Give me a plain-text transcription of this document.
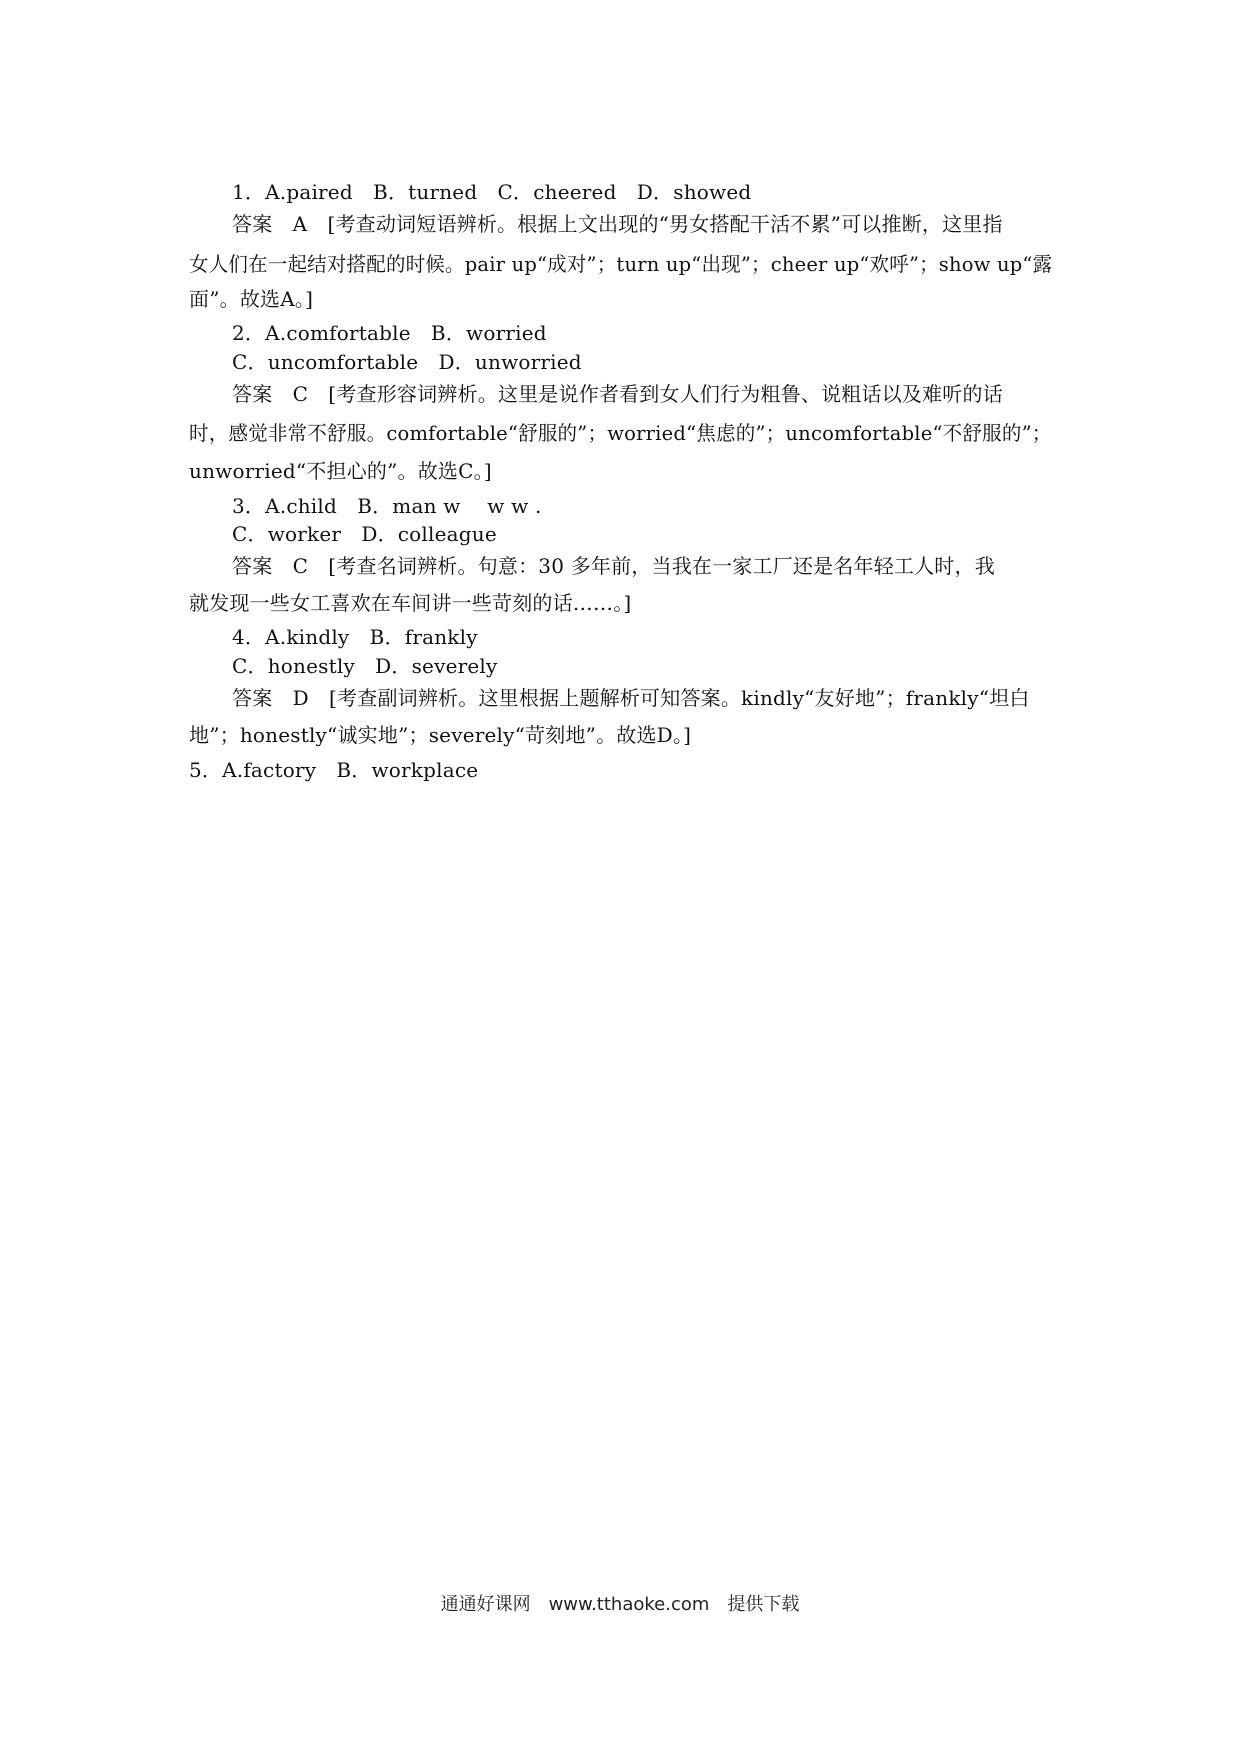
1．A.paired　B．turned　C．cheered　D．showed
答案　A　[考查动词短语辨析。根据上文出现的“男女搭配干活不累”可以推断，这里指
女人们在一起结对搭配的时候。pair up“成对”；turn up“出现”；cheer up“欢呼”；show up“露
面”。故选A。]
2．A.comfortable　B．worried
C．uncomfortable　D．unworried
答案　C　[考查形容词辨析。这里是说作者看到女人们行为粗鲁、说粗话以及难听的话
时，感觉非常不舒服。comfortable“舒服的”；worried“焦虑的”；uncomfortable“不舒服的”；
unworried“不担心的”。故选C。]
3．A.child　B．man w　 w w .
C．worker　D．colleague
答案　C　[考查名词辨析。句意：30 多年前，当我在一家工厂还是名年轻工人时，我
就发现一些女工喜欢在车间讲一些苛刻的话……。]
4．A.kindly　B．frankly
C．honestly　D．severely
答案　D　[考查副词辨析。这里根据上题解析可知答案。kindly“友好地”；frankly“坦白
地”；honestly“诚实地”；severely“苛刻地”。故选D。]
5．A.factory　B．workplace
通通好课网　www.tthaoke.com　提供下载
